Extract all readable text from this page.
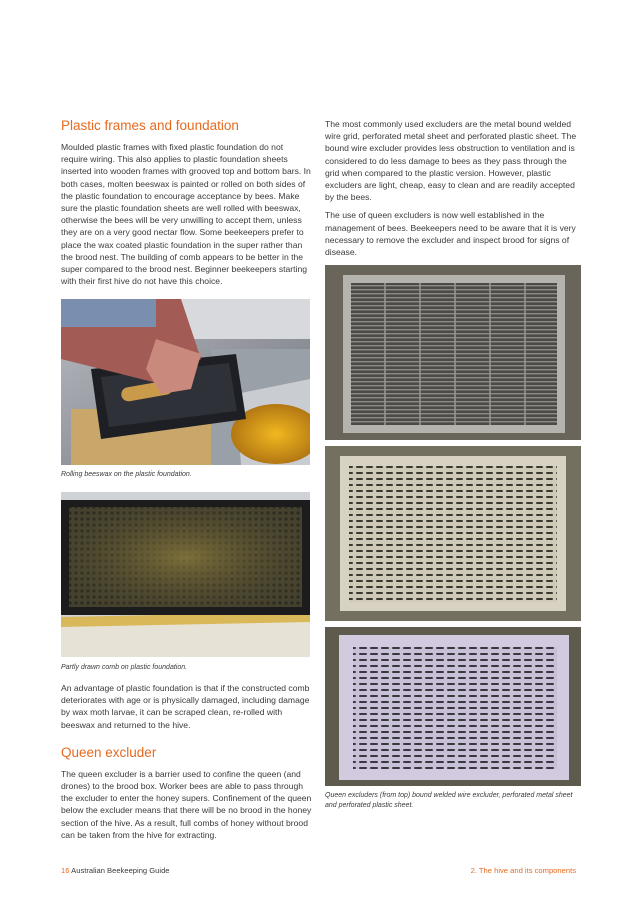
Plastic frames and foundation

Moulded plastic frames with fixed plastic foundation do not require wiring. This also applies to plastic foundation sheets inserted into wooden frames with grooved top and bottom bars. In both cases, molten beeswax is painted or rolled on both sides of the plastic foundation to encourage acceptance by bees. Make sure the plastic foundation sheets are well rolled with beeswax, otherwise the bees will be very unwilling to accept them, unless they are on a very good nectar flow. Some beekeepers prefer to place the wax coated plastic foundation in the super rather than the brood nest. The building of comb appears to be better in the super compared to the brood nest. Beginner beekeepers starting with their first hive do not have this choice.

Rolling beeswax on the plastic foundation.

Partly drawn comb on plastic foundation.

An advantage of plastic foundation is that if the constructed comb deteriorates with age or is physically damaged, including damage by wax moth larvae, it can be scraped clean, re-rolled with beeswax and returned to the hive.

Queen excluder

The queen excluder is a barrier used to confine the queen (and drones) to the brood box. Worker bees are able to pass through the excluder to enter the honey supers. Confinement of the queen below the excluder means that there will be no brood in the honey section of the hive. As a result, full combs of honey without brood can be taken from the hive for extracting.

The most commonly used excluders are the metal bound welded wire grid, perforated metal sheet and perforated plastic sheet. The bound wire excluder provides less obstruction to ventilation and is considered to do less damage to bees as they pass through the grid when compared to the plastic version. However, plastic excluders are light, cheap, easy to clean and are readily accepted by the bees.

The use of queen excluders is now well established in the management of bees. Beekeepers need to be aware that it is very necessary to remove the excluder and inspect brood for signs of disease.

Queen excluders (from top) bound welded wire excluder, perforated metal sheet and perforated plastic sheet.

16 Australian Beekeeping Guide	2. The hive and its components
